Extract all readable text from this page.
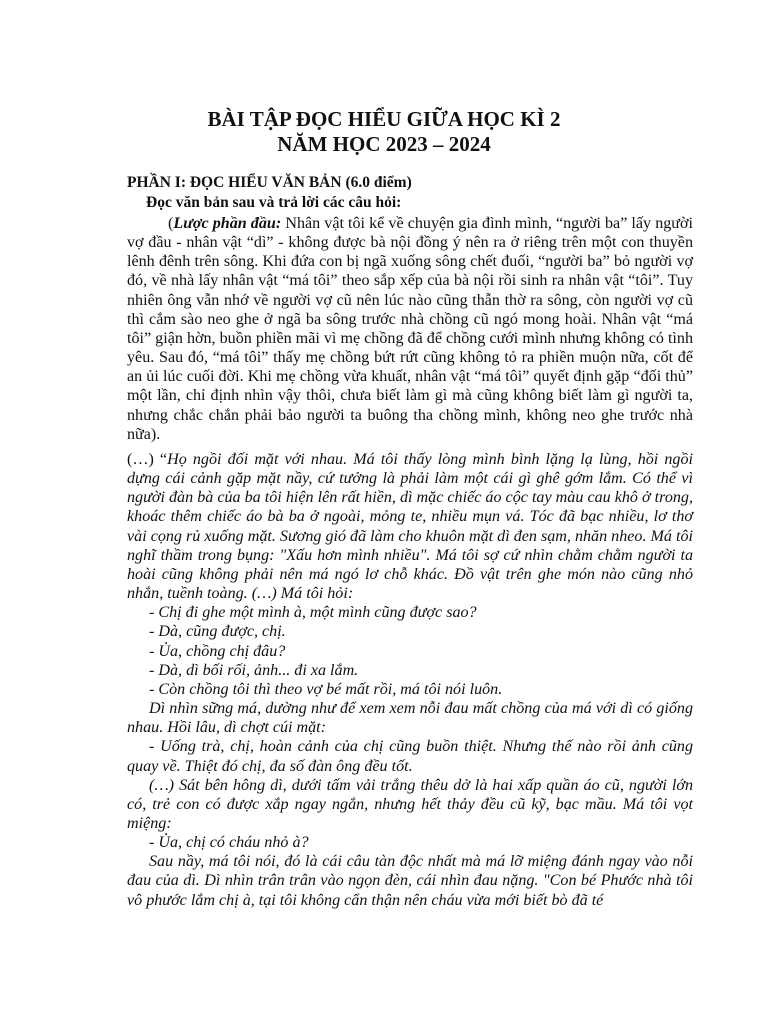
BÀI TẬP ĐỌC HIỂU GIỮA HỌC KÌ 2
NĂM HỌC 2023 – 2024

PHẦN I: ĐỌC HIỂU VĂN BẢN (6.0 điểm)

Đọc văn bản sau và trả lời các câu hỏi:

(Lược phần đầu: Nhân vật tôi kể về chuyện gia đình mình, “người ba” lấy người vợ đầu - nhân vật “dì” - không được bà nội đồng ý nên ra ở riêng trên một con thuyền lênh đênh trên sông. Khi đứa con bị ngã xuống sông chết đuối, “người ba” bỏ người vợ đó, về nhà lấy nhân vật “má tôi” theo sắp xếp của bà nội rồi sinh ra nhân vật “tôi”. Tuy nhiên ông vẫn nhớ về người vợ cũ nên lúc nào cũng thẫn thờ ra sông, còn người vợ cũ thì cắm sào neo ghe ở ngã ba sông trước nhà chồng cũ ngó mong hoài. Nhân vật “má tôi” giận hờn, buồn phiền mãi vì mẹ chồng đã để chồng cưới mình nhưng không có tình yêu. Sau đó, “má tôi” thấy mẹ chồng bứt rứt cũng không tỏ ra phiền muộn nữa, cốt để an ủi lúc cuối đời. Khi mẹ chồng vừa khuất, nhân vật “má tôi” quyết định gặp “đối thủ” một lần, chỉ định nhìn vậy thôi, chưa biết làm gì mà cũng không biết làm gì người ta, nhưng chắc chắn phải bảo người ta buông tha chồng mình, không neo ghe trước nhà nữa).

(…) “Họ ngồi đối mặt với nhau. Má tôi thấy lòng mình bình lặng lạ lùng, hồi ngồi dựng cái cảnh gặp mặt nầy, cứ tưởng là phải làm một cái gì ghê gớm lắm. Có thể vì người đàn bà của ba tôi hiện lên rất hiền, dì mặc chiếc áo cộc tay màu cau khô ở trong, khoác thêm chiếc áo bà ba ở ngoài, mỏng te, nhiều mụn vá. Tóc đã bạc nhiều, lơ thơ vài cọng rủ xuống mặt. Sương gió đã làm cho khuôn mặt dì đen sạm, nhăn nheo. Má tôi nghĩ thầm trong bụng: "Xấu hơn mình nhiều". Má tôi sợ cứ nhìn chằm chằm người ta hoài cũng không phải nên má ngó lơ chỗ khác. Đồ vật trên ghe món nào cũng nhỏ nhắn, tuềnh toàng. (…) Má tôi hỏi:
- Chị đi ghe một mình à, một mình cũng được sao?
- Dà, cũng được, chị.
- Ủa, chồng chị đâu?
- Dà, dì bối rối, ảnh... đi xa lắm.
- Còn chồng tôi thì theo vợ bé mất rồi, má tôi nói luôn.
Dì nhìn sững má, dường như để xem xem nỗi đau mất chồng của má với dì có giống nhau. Hồi lâu, dì chợt cúi mặt:
- Uống trà, chị, hoàn cảnh của chị cũng buồn thiệt. Nhưng thế nào rồi ảnh cũng quay về. Thiệt đó chị, đa số đàn ông đều tốt.
(…) Sát bên hông dì, dưới tấm vải trắng thêu dở là hai xấp quần áo cũ, người lớn có, trẻ con có được xắp ngay ngắn, nhưng hết thảy đều cũ kỹ, bạc mầu. Má tôi vọt miệng:
- Ủa, chị có cháu nhỏ à?
Sau nầy, má tôi nói, đó là cái câu tàn độc nhất mà má lỡ miệng đánh ngay vào nỗi đau của dì. Dì nhìn trân trân vào ngọn đèn, cái nhìn đau nặng. "Con bé Phước nhà tôi vô phước lắm chị à, tại tôi không cẩn thận nên cháu vừa mới biết bò đã té
